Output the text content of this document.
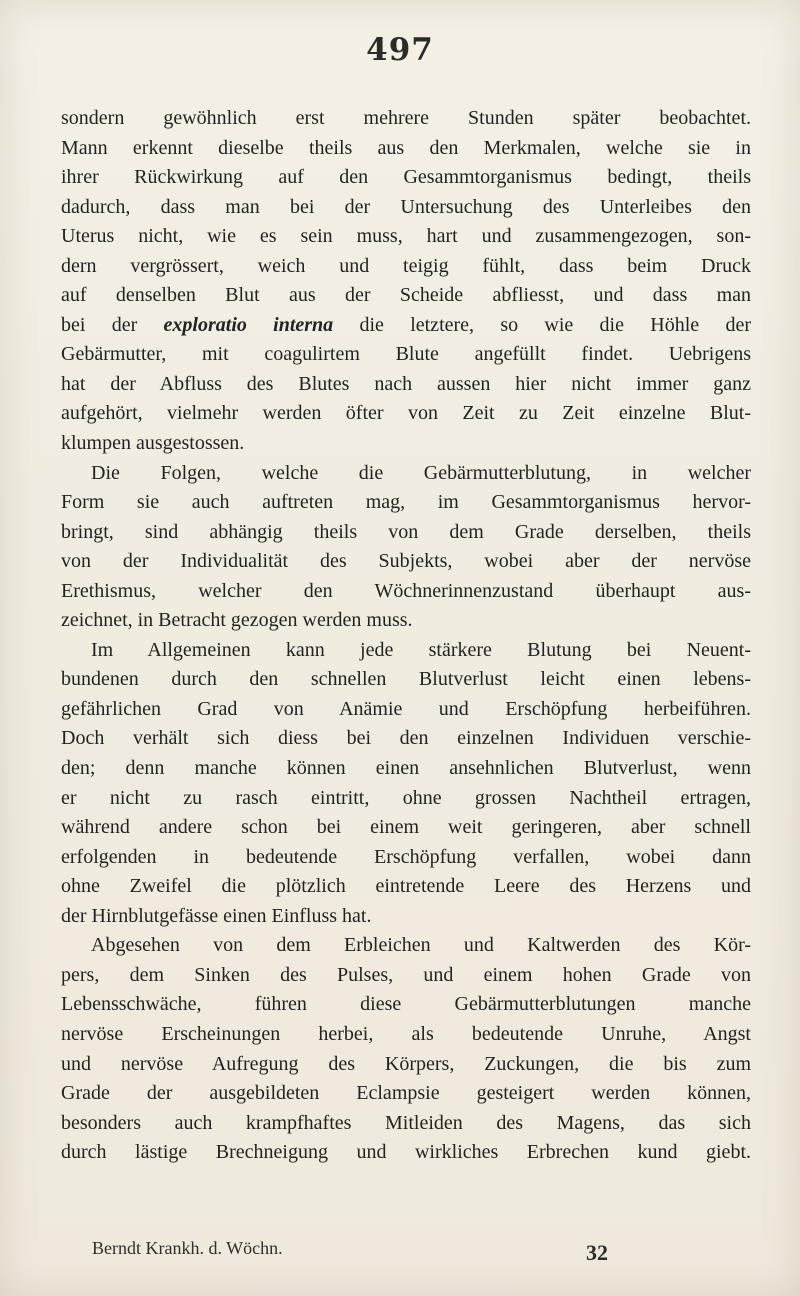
497
sondern gewöhnlich erst mehrere Stunden später beobachtet.
Mann erkennt dieselbe theils aus den Merkmalen, welche sie in
ihrer Rückwirkung auf den Gesammtorganismus bedingt, theils
dadurch, dass man bei der Untersuchung des Unterleibes den
Uterus nicht, wie es sein muss, hart und zusammengezogen, son-
dern vergrössert, weich und teigig fühlt, dass beim Druck
auf denselben Blut aus der Scheide abfliesst, und dass man
bei der exploratio interna die letztere, so wie die Höhle der
Gebärmutter, mit coagulirtem Blute angefüllt findet. Uebrigens
hat der Abfluss des Blutes nach aussen hier nicht immer ganz
aufgehört, vielmehr werden öfter von Zeit zu Zeit einzelne Blut-
klumpen ausgestossen.
Die Folgen, welche die Gebärmutterblutung, in welcher
Form sie auch auftreten mag, im Gesammtorganismus hervor-
bringt, sind abhängig theils von dem Grade derselben, theils
von der Individualität des Subjekts, wobei aber der nervöse
Erethismus, welcher den Wöchnerinnenzustand überhaupt aus-
zeichnet, in Betracht gezogen werden muss.
Im Allgemeinen kann jede stärkere Blutung bei Neuent-
bundenen durch den schnellen Blutverlust leicht einen lebens-
gefährlichen Grad von Anämie und Erschöpfung herbeiführen.
Doch verhält sich diess bei den einzelnen Individuen verschie-
den; denn manche können einen ansehnlichen Blutverlust, wenn
er nicht zu rasch eintritt, ohne grossen Nachtheil ertragen,
während andere schon bei einem weit geringeren, aber schnell
erfolgenden in bedeutende Erschöpfung verfallen, wobei dann
ohne Zweifel die plötzlich eintretende Leere des Herzens und
der Hirnblutgefässe einen Einfluss hat.
Abgesehen von dem Erbleichen und Kaltwerden des Kör-
pers, dem Sinken des Pulses, und einem hohen Grade von
Lebensschwäche, führen diese Gebärmutterblutungen manche
nervöse Erscheinungen herbei, als bedeutende Unruhe, Angst
und nervöse Aufregung des Körpers, Zuckungen, die bis zum
Grade der ausgebildeten Eclampsie gesteigert werden können,
besonders auch krampfhaftes Mitleiden des Magens, das sich
durch lästige Brechneigung und wirkliches Erbrechen kund giebt.
Berndt Krankh. d. Wöchn.	32
